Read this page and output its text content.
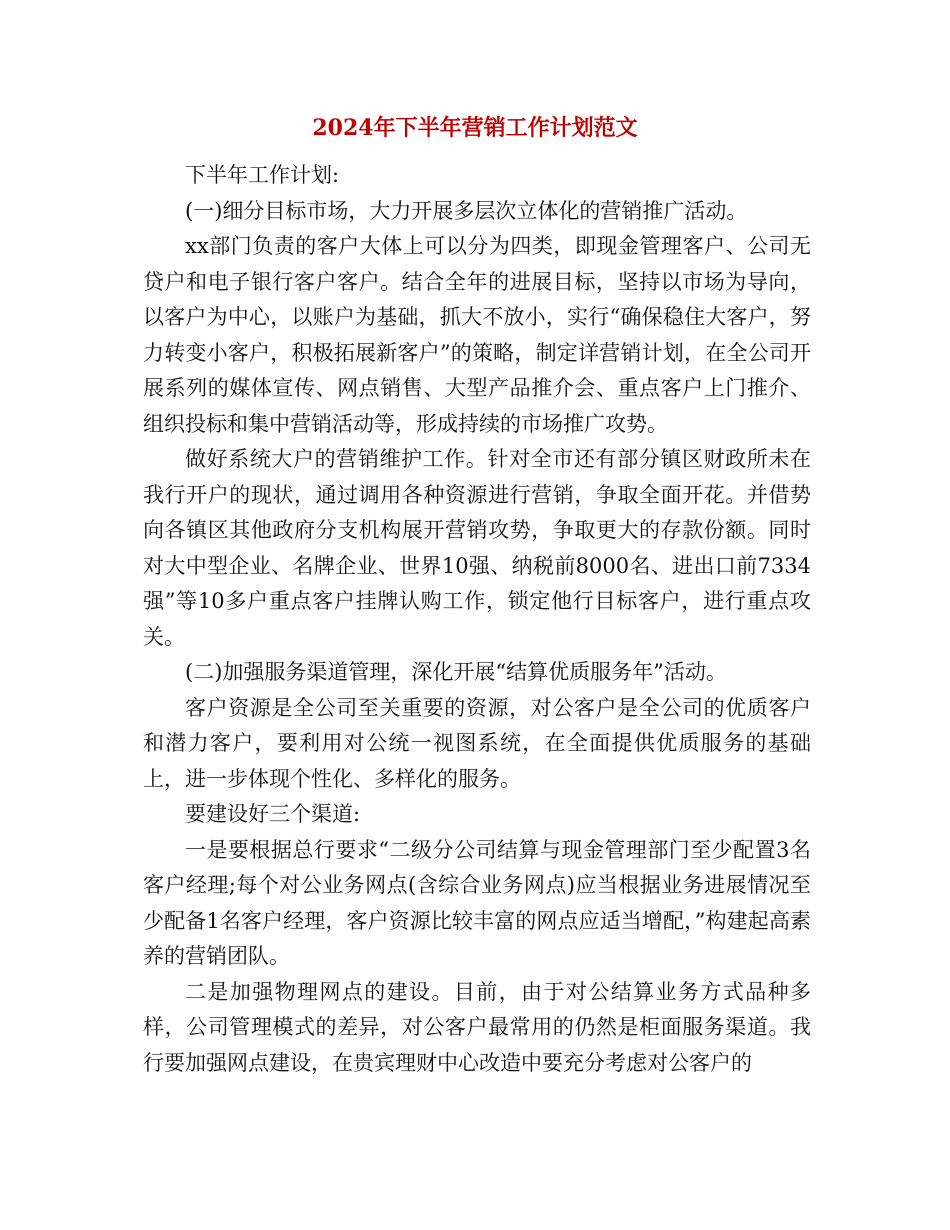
2024年下半年营销工作计划范文

下半年工作计划:

(一)细分目标市场，大力开展多层次立体化的营销推广活动。

xx部门负责的客户大体上可以分为四类，即现金管理客户、公司无贷户和电子银行客户客户。结合全年的进展目标，坚持以市场为导向，以客户为中心，以账户为基础，抓大不放小，实行“确保稳住大客户，努力转变小客户，积极拓展新客户”的策略，制定详营销计划，在全公司开展系列的媒体宣传、网点销售、大型产品推介会、重点客户上门推介、组织投标和集中营销活动等，形成持续的市场推广攻势。

做好系统大户的营销维护工作。针对全市还有部分镇区财政所未在我行开户的现状，通过调用各种资源进行营销，争取全面开花。并借势向各镇区其他政府分支机构展开营销攻势，争取更大的存款份额。同时对大中型企业、名牌企业、世界10强、纳税前8000名、进出口前7334强”等10多户重点客户挂牌认购工作，锁定他行目标客户，进行重点攻关。

(二)加强服务渠道管理，深化开展“结算优质服务年”活动。

客户资源是全公司至关重要的资源，对公客户是全公司的优质客户和潜力客户，要利用对公统一视图系统，在全面提供优质服务的基础上，进一步体现个性化、多样化的服务。

要建设好三个渠道:

一是要根据总行要求“二级分公司结算与现金管理部门至少配置3名客户经理;每个对公业务网点(含综合业务网点)应当根据业务进展情况至少配备1名客户经理，客户资源比较丰富的网点应适当增配，”构建起高素养的营销团队。

二是加强物理网点的建设。目前，由于对公结算业务方式品种多样，公司管理模式的差异，对公客户最常用的仍然是柜面服务渠道。我行要加强网点建设，在贵宾理财中心改造中要充分考虑对公客户的
